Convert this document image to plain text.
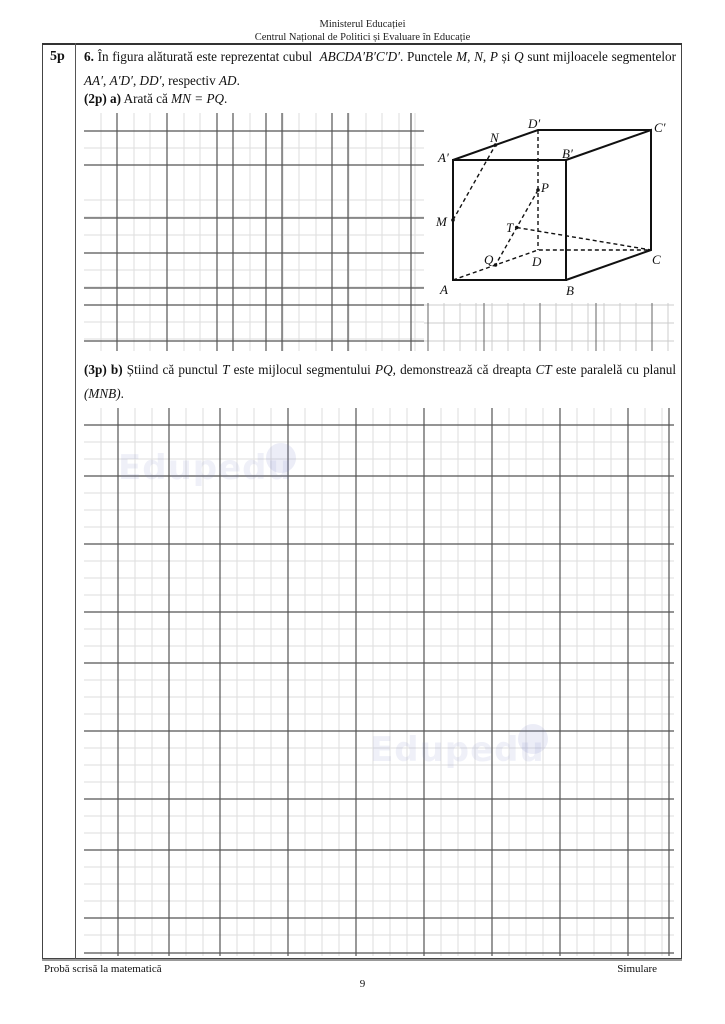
Ministerul Educației
Centrul Național de Politici și Evaluare în Educație
5p 6. În figura alăturată este reprezentat cubul ABCDA′B′C′D′. Punctele M, N, P și Q sunt mijloacele segmentelor AA′, A′D′, DD′, respectiv AD.
(2p) a) Arată că MN = PQ.
A	B
C
D
A′	B′
C′
D′
M
N
P
Q
T
(3p) b) Știind că punctul T este mijlocul segmentului PQ, demonstrează că dreapta CT este paralelă cu planul (MNB).
Edupedu
Edupedu
Probă scrisă la matematică	Simulare
9
